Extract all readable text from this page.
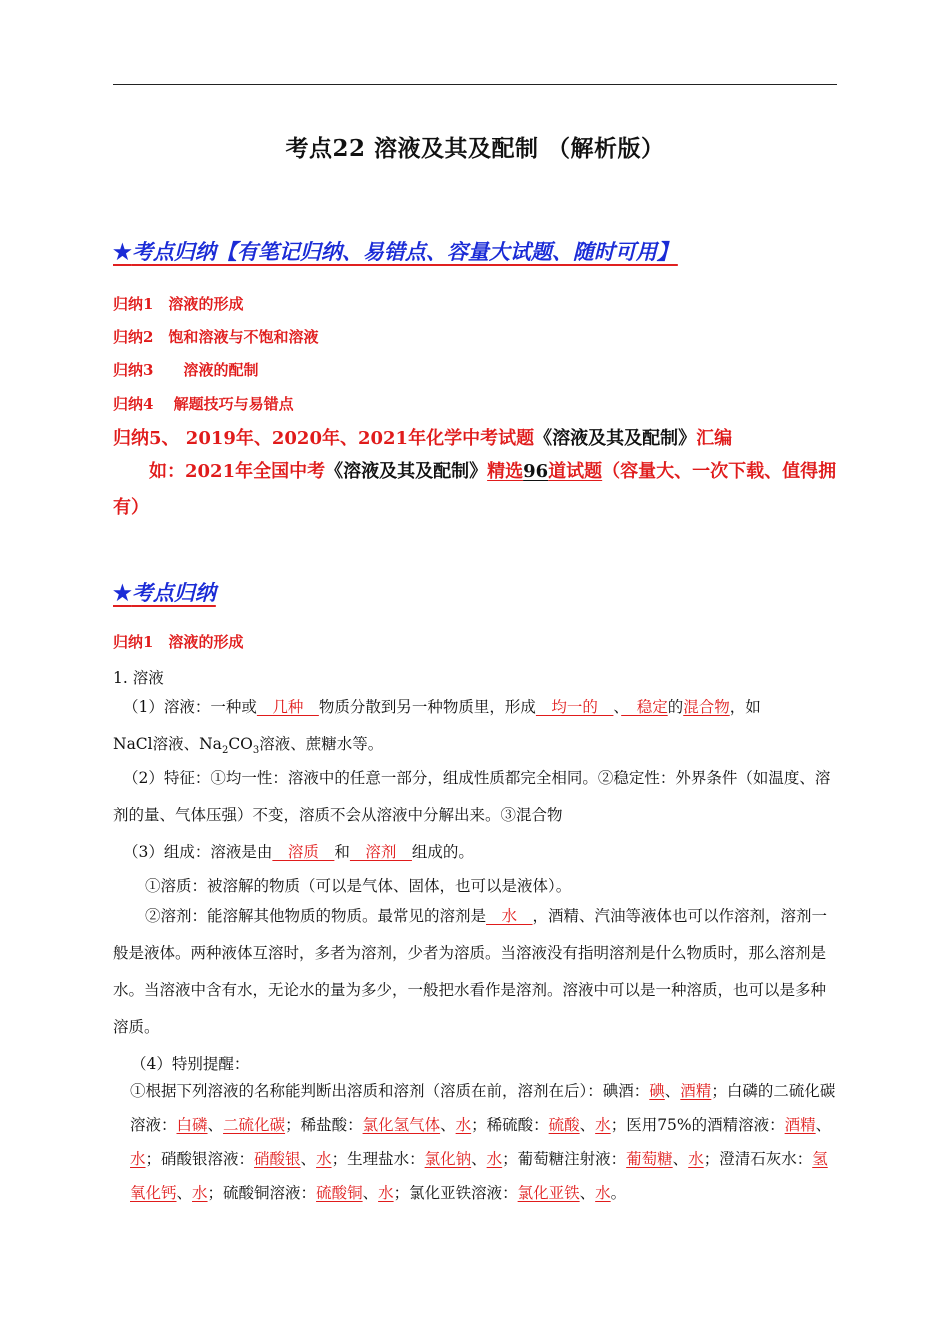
考点22 溶液及其及配制 （解析版）
★考点归纳【有笔记归纳、易错点、容量大试题、随时可用】
归纳1　溶液的形成
归纳2　饱和溶液与不饱和溶液
归纳3　　溶液的配制
归纳4　 解题技巧与易错点
归纳5、 2019年、2020年、2021年化学中考试题《溶液及其及配制》汇编
如：2021年全国中考《溶液及其及配制》精选96道试题（容量大、一次下载、值得拥有）
★考点归纳
归纳1　溶液的形成
1. 溶液
（1）溶液：一种或　几种　物质分散到另一种物质里，形成　均一的　、　稳定的混合物，如
NaCl溶液、$Na_2CO_3$溶液、蔗糖水等。
（2）特征：①均一性：溶液中的任意一部分，组成性质都完全相同。②稳定性：外界条件（如温度、溶剂的量、气体压强）不变，溶质不会从溶液中分解出来。③混合物
（3）组成：溶液是由　溶质　和　溶剂　组成的。
①溶质：被溶解的物质（可以是气体、固体，也可以是液体）。
②溶剂：能溶解其他物质的物质。最常见的溶剂是　水　，酒精、汽油等液体也可以作溶剂，溶剂一般是液体。两种液体互溶时，多者为溶剂，少者为溶质。当溶液没有指明溶剂是什么物质时，那么溶剂是水。当溶液中含有水，无论水的量为多少，一般把水看作是溶剂。溶液中可以是一种溶质，也可以是多种溶质。
（4）特别提醒：
①根据下列溶液的名称能判断出溶质和溶剂（溶质在前，溶剂在后）：碘酒：碘、酒精；白磷的二硫化碳溶液：白磷、二硫化碳；稀盐酸：氯化氢气体、水；稀硫酸：硫酸、水；医用75%的酒精溶液：酒精、水；硝酸银溶液：硝酸银、水；生理盐水：氯化钠、水；葡萄糖注射液：葡萄糖、水；澄清石灰水：氢氧化钙、水；硫酸铜溶液：硫酸铜、水；氯化亚铁溶液：氯化亚铁、水。
